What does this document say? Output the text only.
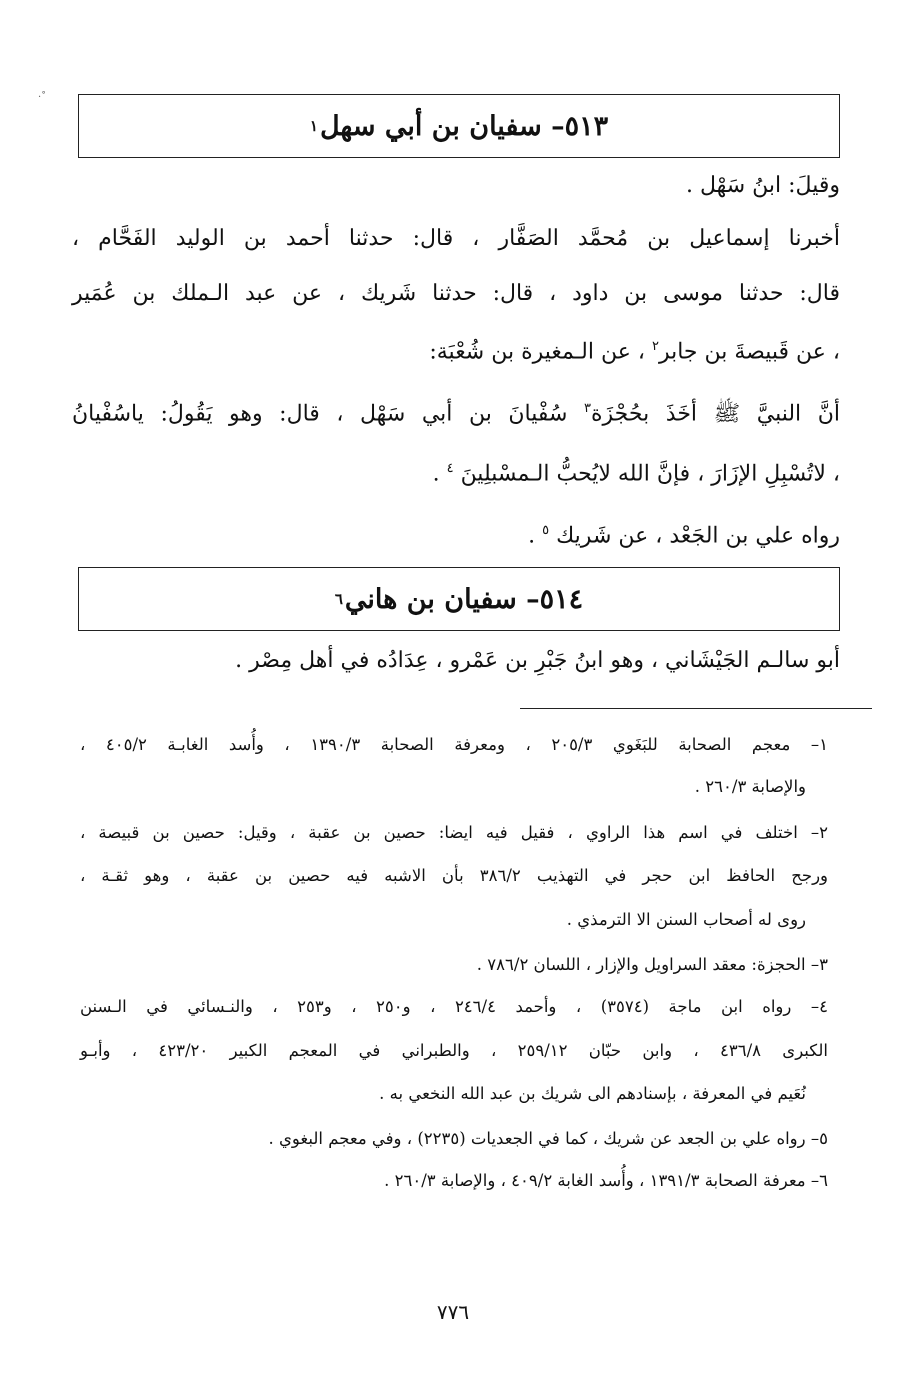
˚·
٥١٣– سفيان بن أبي سهل
١
وقيلَ: ابنُ سَهْل .
أخبرنا إسماعيل بن مُحمَّد الصَفَّار ، قال: حدثنا أحمد بن الوليد الفَحَّام ،
قال: حدثنا موسى بن داود ، قال: حدثنا شَريك ، عن عبد الـملك بن عُمَير
، عن قَبيصةَ بن جابر$^٢$ ، عن الـمغيرة بن شُعْبَة:
أنَّ النبيَّ ﷺ أخَذَ بحُجْزَة$^٣$ سُفْيانَ بن أبي سَهْل ، قال: وهو يَقُولُ: ياسُفْيانُ
، لاتُسْبِلِ الإزَارَ ، فإنَّ الله لايُحبُّ الـمسْبلِينَ $^٤$ .
رواه علي بن الجَعْد ، عن شَريك $^٥$ .
٥١٤– سفيان بن هاني
٦
أبو سالـم الجَيْشَاني ، وهو ابنُ جَبْرِ بن عَمْرو ، عِدَادُه في أهل مِصْر .
١– معجم الصحابة للبَغَوي ٢٠٥/٣ ، ومعرفة الصحابة ١٣٩٠/٣ ، وأُسد الغابـة ٤٠٥/٢ ،
والإصابة ٢٦٠/٣ .
٢– اختلف في اسم هذا الراوي ، فقيل فيه ايضا: حصين بن عقبة ، وقيل: حصين بن قبيصة ،
ورجح الحافظ ابن حجر في التهذيب ٣٨٦/٢ بأن الاشبه فيه حصين بن عقبة ، وهو ثقـة ،
روى له أصحاب السنن الا الترمذي .
٣– الحجزة: معقد السراويل والإزار ، اللسان ٧٨٦/٢ .
٤– رواه ابن ماجة (٣٥٧٤) ، وأحمد ٢٤٦/٤ ، و٢٥٠ ، و٢٥٣ ، والنـسائي في الـسنن
الكبرى ٤٣٦/٨ ، وابن حبّان ٢٥٩/١٢ ، والطبراني في المعجم الكبير ٤٢٣/٢٠ ، وأبـو
نُعَيم في المعرفة ، بإسنادهم الى شريك بن عبد الله النخعي به .
٥– رواه علي بن الجعد عن شريك ، كما في الجعديات (٢٢٣٥) ، وفي معجم البغوي .
٦– معرفة الصحابة ١٣٩١/٣ ، وأُسد الغابة ٤٠٩/٢ ، والإصابة ٢٦٠/٣ .
٧٧٦
